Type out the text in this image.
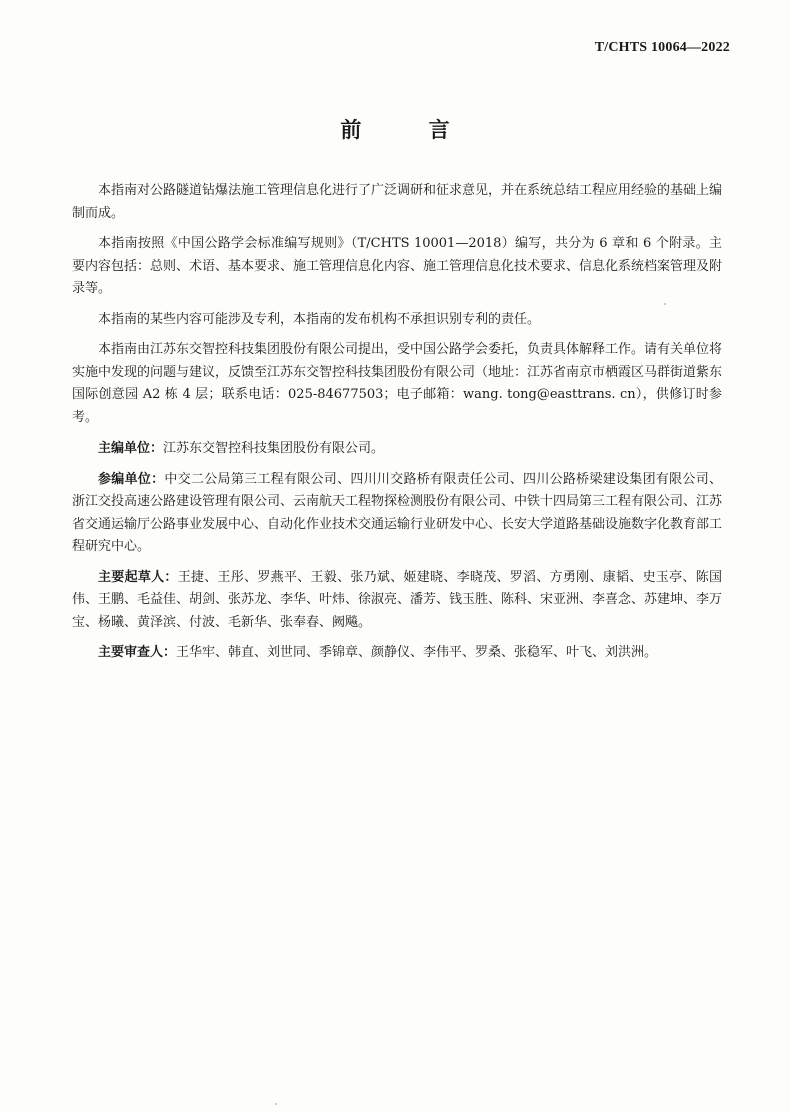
T/CHTS 10064—2022
前 言

本指南对公路隧道钻爆法施工管理信息化进行了广泛调研和征求意见，并在系统总结工程应用经验的基础上编制而成。

本指南按照《中国公路学会标准编写规则》（T/CHTS 10001—2018）编写，共分为 6 章和 6 个附录。主要内容包括：总则、术语、基本要求、施工管理信息化内容、施工管理信息化技术要求、信息化系统档案管理及附录等。

本指南的某些内容可能涉及专利，本指南的发布机构不承担识别专利的责任。

本指南由江苏东交智控科技集团股份有限公司提出，受中国公路学会委托，负责具体解释工作。请有关单位将实施中发现的问题与建议，反馈至江苏东交智控科技集团股份有限公司（地址：江苏省南京市栖霞区马群街道紫东国际创意园 A2 栋 4 层；联系电话：025-84677503；电子邮箱：wang. tong@easttrans. cn），供修订时参考。

主编单位：江苏东交智控科技集团股份有限公司。

参编单位：中交二公局第三工程有限公司、四川川交路桥有限责任公司、四川公路桥梁建设集团有限公司、浙江交投高速公路建设管理有限公司、云南航天工程物探检测股份有限公司、中铁十四局第三工程有限公司、江苏省交通运输厅公路事业发展中心、自动化作业技术交通运输行业研发中心、长安大学道路基础设施数字化教育部工程研究中心。

主要起草人：王捷、王彤、罗燕平、王毅、张乃斌、姬建晓、李晓茂、罗滔、方勇刚、康韬、史玉亭、陈国伟、王鹏、毛益佳、胡剑、张苏龙、李华、叶炜、徐淑亮、潘芳、钱玉胜、陈科、宋亚洲、李喜念、苏建坤、李万宝、杨曦、黄泽滨、付波、毛新华、张奉春、阙飚。

主要审查人：王华牢、韩直、刘世同、季锦章、颜静仪、李伟平、罗桑、张稳军、叶飞、刘洪洲。
